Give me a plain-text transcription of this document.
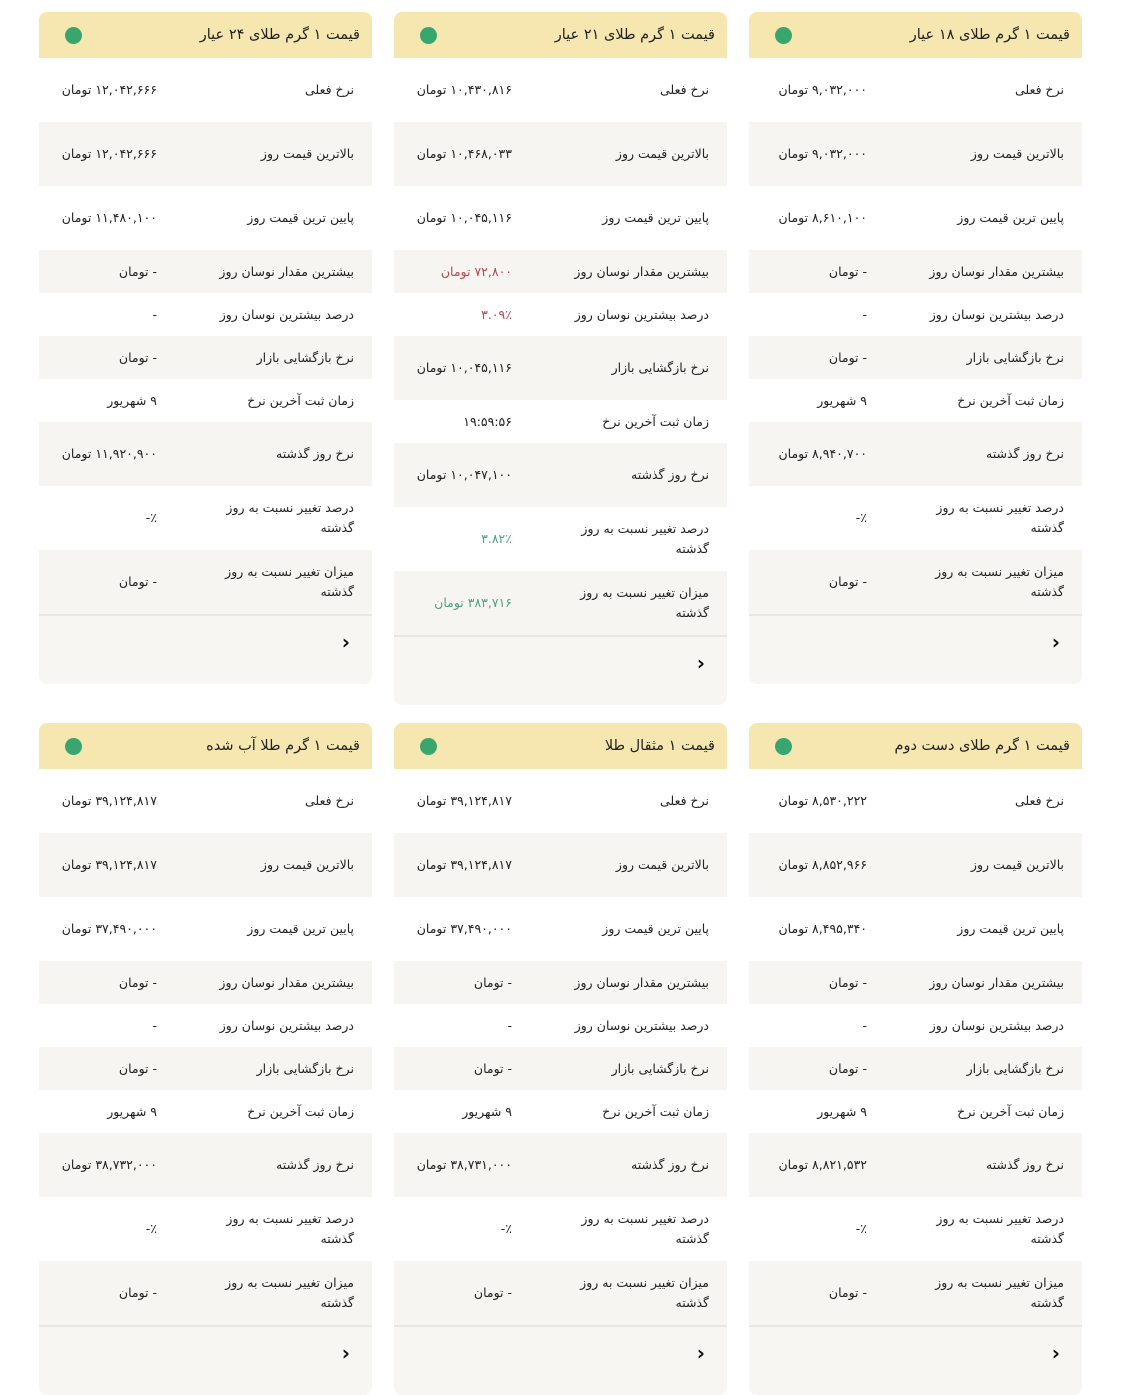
قیمت ۱ گرم طلای ۱۸ عیار
نرخ فعلی
۹,۰۳۲,۰۰۰ تومان
بالاترین قیمت روز
۹,۰۳۲,۰۰۰ تومان
پایین ترین قیمت روز
۸,۶۱۰,۱۰۰ تومان
بیشترین مقدار نوسان روز
- تومان
درصد بیشترین نوسان روز
-
نرخ بازگشایی بازار
- تومان
زمان ثبت آخرین نرخ
۹ شهریور
نرخ روز گذشته
۸,۹۴۰,۷۰۰ تومان
درصد تغییر نسبت به روز گذشته
٪-
میزان تغییر نسبت به روز گذشته
- تومان
‹
قیمت ۱ گرم طلای ۲۱ عیار
نرخ فعلی
۱۰,۴۳۰,۸۱۶ تومان
بالاترین قیمت روز
۱۰,۴۶۸,۰۳۳ تومان
پایین ترین قیمت روز
۱۰,۰۴۵,۱۱۶ تومان
بیشترین مقدار نوسان روز
۷۲,۸۰۰ تومان
درصد بیشترین نوسان روز
۳.۰۹٪
نرخ بازگشایی بازار
۱۰,۰۴۵,۱۱۶ تومان
زمان ثبت آخرین نرخ
۱۹:۵۹:۵۶
نرخ روز گذشته
۱۰,۰۴۷,۱۰۰ تومان
درصد تغییر نسبت به روز گذشته
۳.۸۲٪
میزان تغییر نسبت به روز گذشته
۳۸۳,۷۱۶ تومان
‹
قیمت ۱ گرم طلای ۲۴ عیار
نرخ فعلی
۱۲,۰۴۲,۶۶۶ تومان
بالاترین قیمت روز
۱۲,۰۴۲,۶۶۶ تومان
پایین ترین قیمت روز
۱۱,۴۸۰,۱۰۰ تومان
بیشترین مقدار نوسان روز
- تومان
درصد بیشترین نوسان روز
-
نرخ بازگشایی بازار
- تومان
زمان ثبت آخرین نرخ
۹ شهریور
نرخ روز گذشته
۱۱,۹۲۰,۹۰۰ تومان
درصد تغییر نسبت به روز گذشته
٪-
میزان تغییر نسبت به روز گذشته
- تومان
‹
قیمت ۱ گرم طلای دست دوم
نرخ فعلی
۸,۵۳۰,۲۲۲ تومان
بالاترین قیمت روز
۸,۸۵۲,۹۶۶ تومان
پایین ترین قیمت روز
۸,۴۹۵,۳۴۰ تومان
بیشترین مقدار نوسان روز
- تومان
درصد بیشترین نوسان روز
-
نرخ بازگشایی بازار
- تومان
زمان ثبت آخرین نرخ
۹ شهریور
نرخ روز گذشته
۸,۸۲۱,۵۳۲ تومان
درصد تغییر نسبت به روز گذشته
٪-
میزان تغییر نسبت به روز گذشته
- تومان
‹
قیمت ۱ مثقال طلا
نرخ فعلی
۳۹,۱۲۴,۸۱۷ تومان
بالاترین قیمت روز
۳۹,۱۲۴,۸۱۷ تومان
پایین ترین قیمت روز
۳۷,۴۹۰,۰۰۰ تومان
بیشترین مقدار نوسان روز
- تومان
درصد بیشترین نوسان روز
-
نرخ بازگشایی بازار
- تومان
زمان ثبت آخرین نرخ
۹ شهریور
نرخ روز گذشته
۳۸,۷۳۱,۰۰۰ تومان
درصد تغییر نسبت به روز گذشته
٪-
میزان تغییر نسبت به روز گذشته
- تومان
‹
قیمت ۱ گرم طلا آب شده
نرخ فعلی
۳۹,۱۲۴,۸۱۷ تومان
بالاترین قیمت روز
۳۹,۱۲۴,۸۱۷ تومان
پایین ترین قیمت روز
۳۷,۴۹۰,۰۰۰ تومان
بیشترین مقدار نوسان روز
- تومان
درصد بیشترین نوسان روز
-
نرخ بازگشایی بازار
- تومان
زمان ثبت آخرین نرخ
۹ شهریور
نرخ روز گذشته
۳۸,۷۳۲,۰۰۰ تومان
درصد تغییر نسبت به روز گذشته
٪-
میزان تغییر نسبت به روز گذشته
- تومان
‹
